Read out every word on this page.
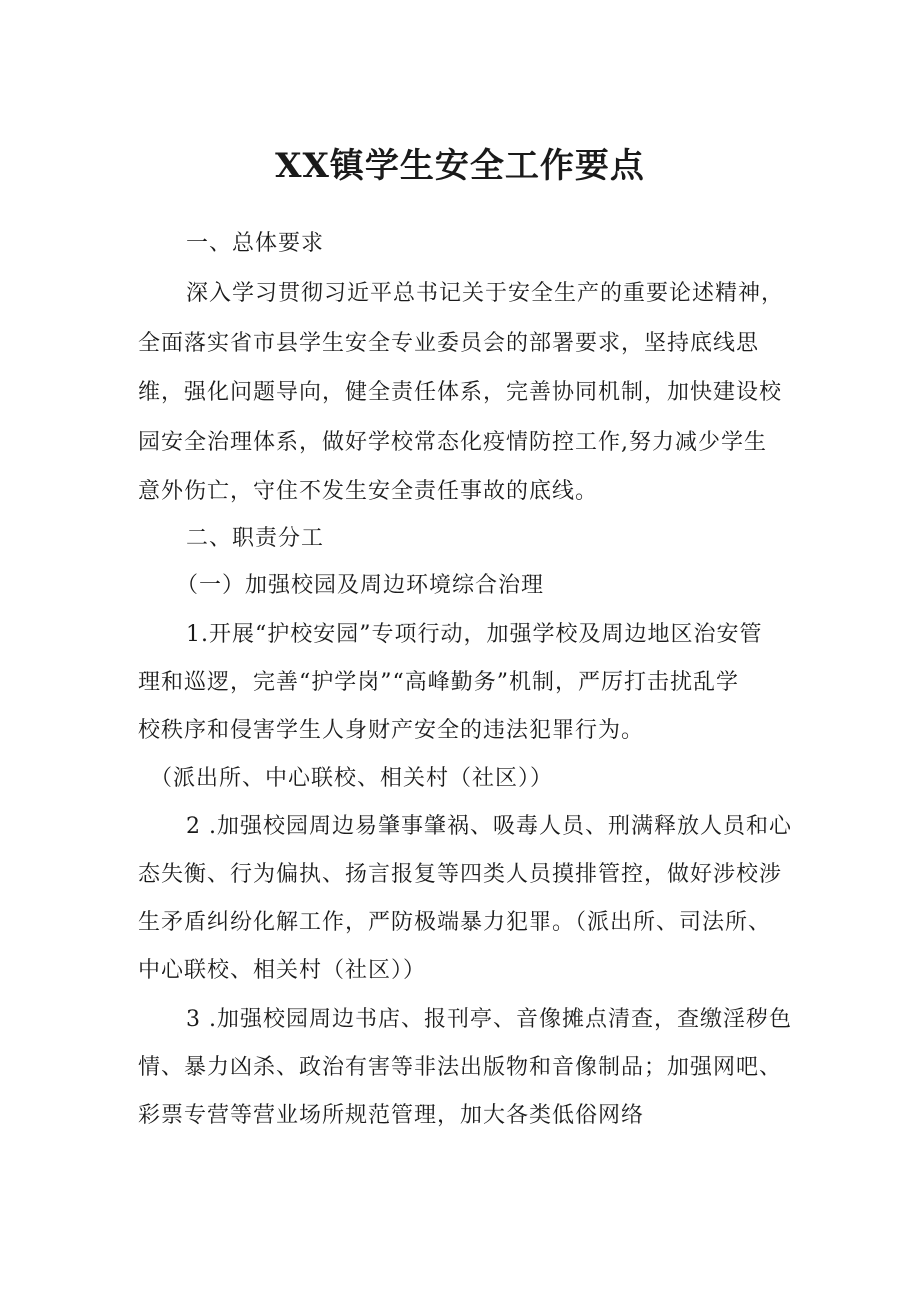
XX镇学生安全工作要点

一、总体要求

深入学习贯彻习近平总书记关于安全生产的重要论述精神，

全面落实省市县学生安全专业委员会的部署要求，坚持底线思

维，强化问题导向，健全责任体系，完善协同机制，加快建设校

园安全治理体系，做好学校常态化疫情防控工作,努力减少学生

意外伤亡，守住不发生安全责任事故的底线。

二、职责分工

（一）加强校园及周边环境综合治理

1.开展“护校安园”专项行动，加强学校及周边地区治安管

理和巡逻，完善“护学岗”“高峰勤务”机制，严厉打击扰乱学

校秩序和侵害学生人身财产安全的违法犯罪行为。

（派出所、中心联校、相关村（社区））

2 .加强校园周边易肇事肇祸、吸毒人员、刑满释放人员和心

态失衡、行为偏执、扬言报复等四类人员摸排管控，做好涉校涉

生矛盾纠纷化解工作，严防极端暴力犯罪。（派出所、司法所、

中心联校、相关村（社区））

3 .加强校园周边书店、报刊亭、音像摊点清查，查缴淫秽色

情、暴力凶杀、政治有害等非法出版物和音像制品；加强网吧、

彩票专营等营业场所规范管理，加大各类低俗网络
